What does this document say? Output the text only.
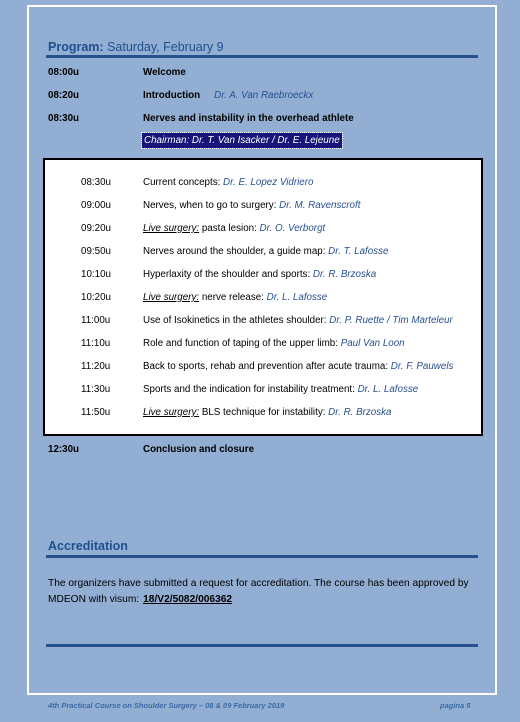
Program: Saturday, February 9
08:00u	Welcome
08:20u	Introduction Dr. A. Van Raebroeckx
08:30u	Nerves and instability in the overhead athlete
Chairman: Dr. T. Van Isacker / Dr. E. Lejeune
08:30u	Current concepts: Dr. E. Lopez Vidriero
09:00u	Nerves, when to go to surgery: Dr. M. Ravenscroft
09:20u	Live surgery: pasta lesion: Dr. O. Verborgt
09:50u	Nerves around the shoulder, a guide map: Dr. T. Lafosse
10:10u	Hyperlaxity of the shoulder and sports: Dr. R. Brzoska
10:20u	Live surgery: nerve release: Dr. L. Lafosse
11:00u	Use of Isokinetics in the athletes shoulder: Dr. P. Ruette / Tim Marteleur
11:10u	Role and function of taping of the upper limb: Paul Van Loon
11:20u	Back to sports, rehab and prevention after acute trauma: Dr. F. Pauwels
11:30u	Sports and the indication for instability treatment: Dr. L. Lafosse
11:50u	Live surgery: BLS technique for instability: Dr. R. Brzoska
12:30u	Conclusion and closure
Accreditation
The organizers have submitted a request for accreditation. The course has been approved by MDEON with visum: 18/V2/5082/006362
4th Practical Course on Shoulder Surgery – 08 & 09 February 2019	pagina 5
